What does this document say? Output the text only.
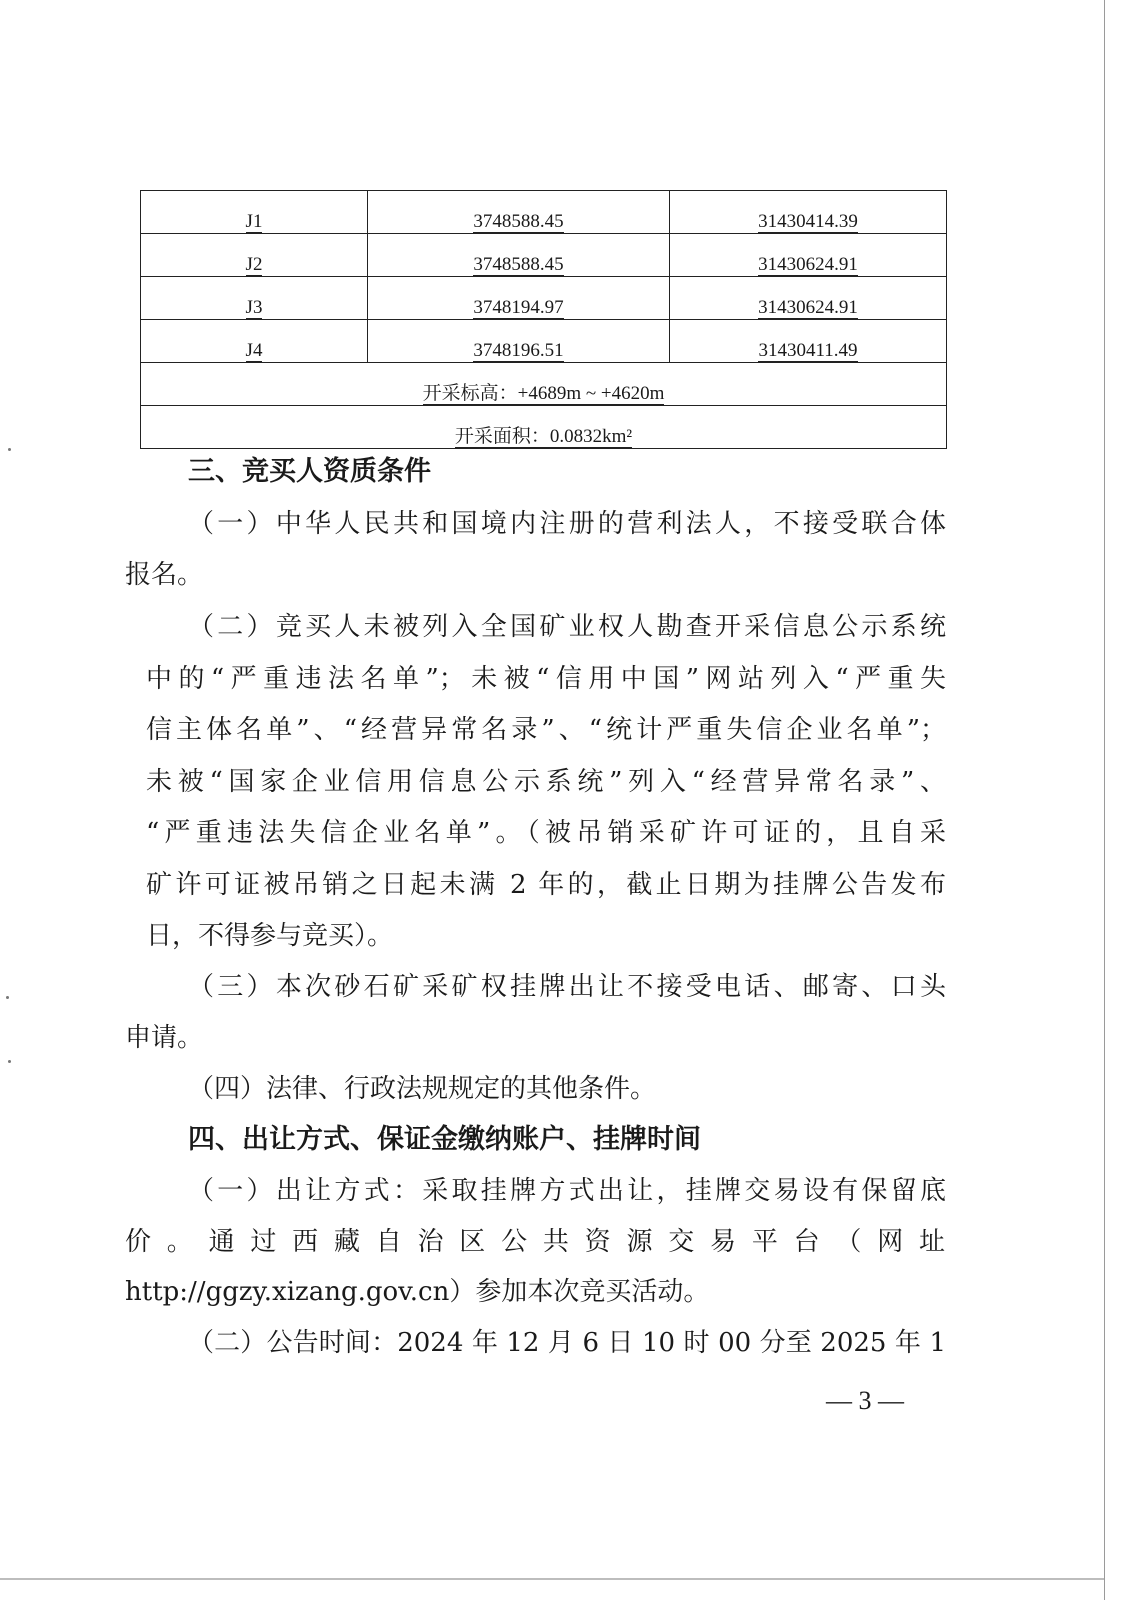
J1	3748588.45	31430414.39
J2	3748588.45	31430624.91
J3	3748194.97	31430624.91
J4	3748196.51	31430411.49
开采标高：+4689m ~ +4620m		
开采面积：0.0832km²		
三、竞买人资质条件
（一）中华人民共和国境内注册的营利法人，不接受联合体
报名。
（二）竞买人未被列入全国矿业权人勘查开采信息公示系统
中的“严重违法名单”；未被“信用中国”网站列入“严重失
信主体名单”、“经营异常名录”、“统计严重失信企业名单”；
未被“国家企业信用信息公示系统”列入“经营异常名录”、
“严重违法失信企业名单”。（被吊销采矿许可证的，且自采
矿许可证被吊销之日起未满 2 年的，截止日期为挂牌公告发布
日，不得参与竞买）。
（三）本次砂石矿采矿权挂牌出让不接受电话、邮寄、口头
申请。
（四）法律、行政法规规定的其他条件。
四、出让方式、保证金缴纳账户、挂牌时间
（一）出让方式：采取挂牌方式出让，挂牌交易设有保留底
价。通过西藏自治区公共资源交易平台（网址
http://ggzy.xizang.gov.cn）参加本次竞买活动。
（二）公告时间：2024 年 12 月 6 日 10 时 00 分至 2025 年 1
— 3 —
